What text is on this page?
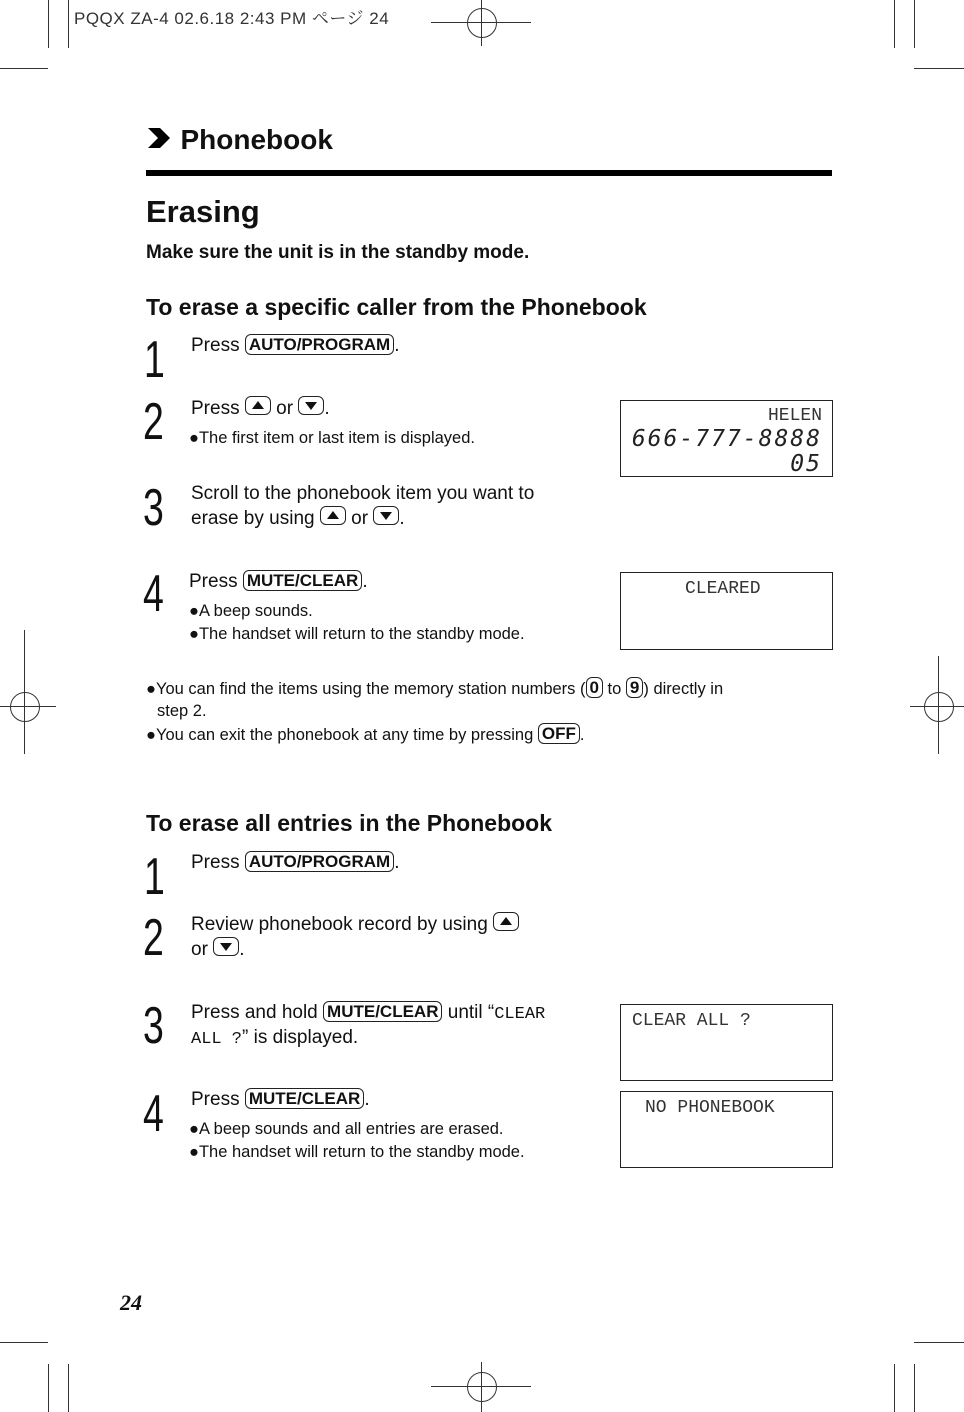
PQQX ZA-4 02.6.18 2:43 PM ページ 24
Phonebook
Erasing
Make sure the unit is in the standby mode.
To erase a specific caller from the Phonebook
1 Press AUTO/PROGRAM .
2 Press  or .
●The first item or last item is displayed.
HELEN
666-777-8888
05
3 Scroll to the phonebook item you want to
erase by using  or .
4 Press MUTE/CLEAR .
●A beep sounds.
●The handset will return to the standby mode.
CLEARED
●You can find the items using the memory station numbers ( 0 to 9 ) directly in
step 2.
●You can exit the phonebook at any time by pressing OFF .
To erase all entries in the Phonebook
1 Press AUTO/PROGRAM .
2 Review phonebook record by using
or .
3 Press and hold MUTE/CLEAR until “CLEAR
ALL ?” is displayed.
CLEAR ALL ?
4 Press MUTE/CLEAR .
●A beep sounds and all entries are erased.
●The handset will return to the standby mode.
NO PHONEBOOK
24
